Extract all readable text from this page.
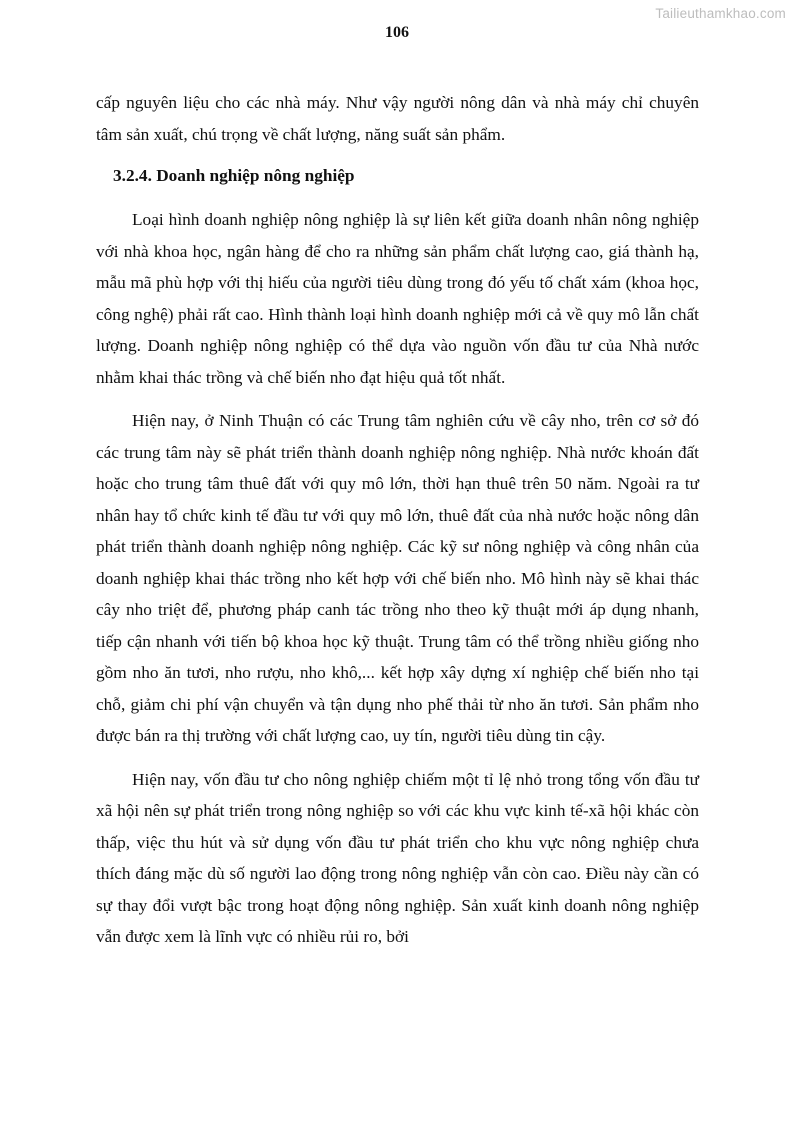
Tailieuthamkhao.com
106

cấp nguyên liệu cho các nhà máy. Như vậy người nông dân và nhà máy chỉ chuyên tâm sản xuất, chú trọng về chất lượng, năng suất sản phẩm.

3.2.4. Doanh nghiệp nông nghiệp

Loại hình doanh nghiệp nông nghiệp là sự liên kết giữa doanh nhân nông nghiệp với nhà khoa học, ngân hàng để cho ra những sản phẩm chất lượng cao, giá thành hạ, mẫu mã phù hợp với thị hiếu của người tiêu dùng trong đó yếu tố chất xám (khoa học, công nghệ) phải rất cao. Hình thành loại hình doanh nghiệp mới cả về quy mô lẫn chất lượng. Doanh nghiệp nông nghiệp có thể dựa vào nguồn vốn đầu tư của Nhà nước nhằm khai thác trồng và chế biến nho đạt hiệu quả tốt nhất.

Hiện nay, ở Ninh Thuận có các Trung tâm nghiên cứu về cây nho, trên cơ sở đó các trung tâm này sẽ phát triển thành doanh nghiệp nông nghiệp. Nhà nước khoán đất hoặc cho trung tâm thuê đất với quy mô lớn, thời hạn thuê trên 50 năm. Ngoài ra tư nhân hay tổ chức kinh tế đầu tư với quy mô lớn, thuê đất của nhà nước hoặc nông dân phát triển thành doanh nghiệp nông nghiệp. Các kỹ sư nông nghiệp và công nhân của doanh nghiệp khai thác trồng nho kết hợp với chế biến nho. Mô hình này sẽ khai thác cây nho triệt để, phương pháp canh tác trồng nho theo kỹ thuật mới áp dụng nhanh, tiếp cận nhanh với tiến bộ khoa học kỹ thuật. Trung tâm có thể trồng nhiều giống nho gồm nho ăn tươi, nho rượu, nho khô,... kết hợp xây dựng xí nghiệp chế biến nho tại chỗ, giảm chi phí vận chuyển và tận dụng nho phế thải từ nho ăn tươi. Sản phẩm nho được bán ra thị trường với chất lượng cao, uy tín, người tiêu dùng tin cậy.

Hiện nay, vốn đầu tư cho nông nghiệp chiếm một tỉ lệ nhỏ trong tổng vốn đầu tư xã hội nên sự phát triển trong nông nghiệp so với các khu vực kinh tế-xã hội khác còn thấp, việc thu hút và sử dụng vốn đầu tư phát triển cho khu vực nông nghiệp chưa thích đáng mặc dù số người lao động trong nông nghiệp vẫn còn cao. Điều này cần có sự thay đổi vượt bậc trong hoạt động nông nghiệp. Sản xuất kinh doanh nông nghiệp vẫn được xem là lĩnh vực có nhiều rủi ro, bởi
